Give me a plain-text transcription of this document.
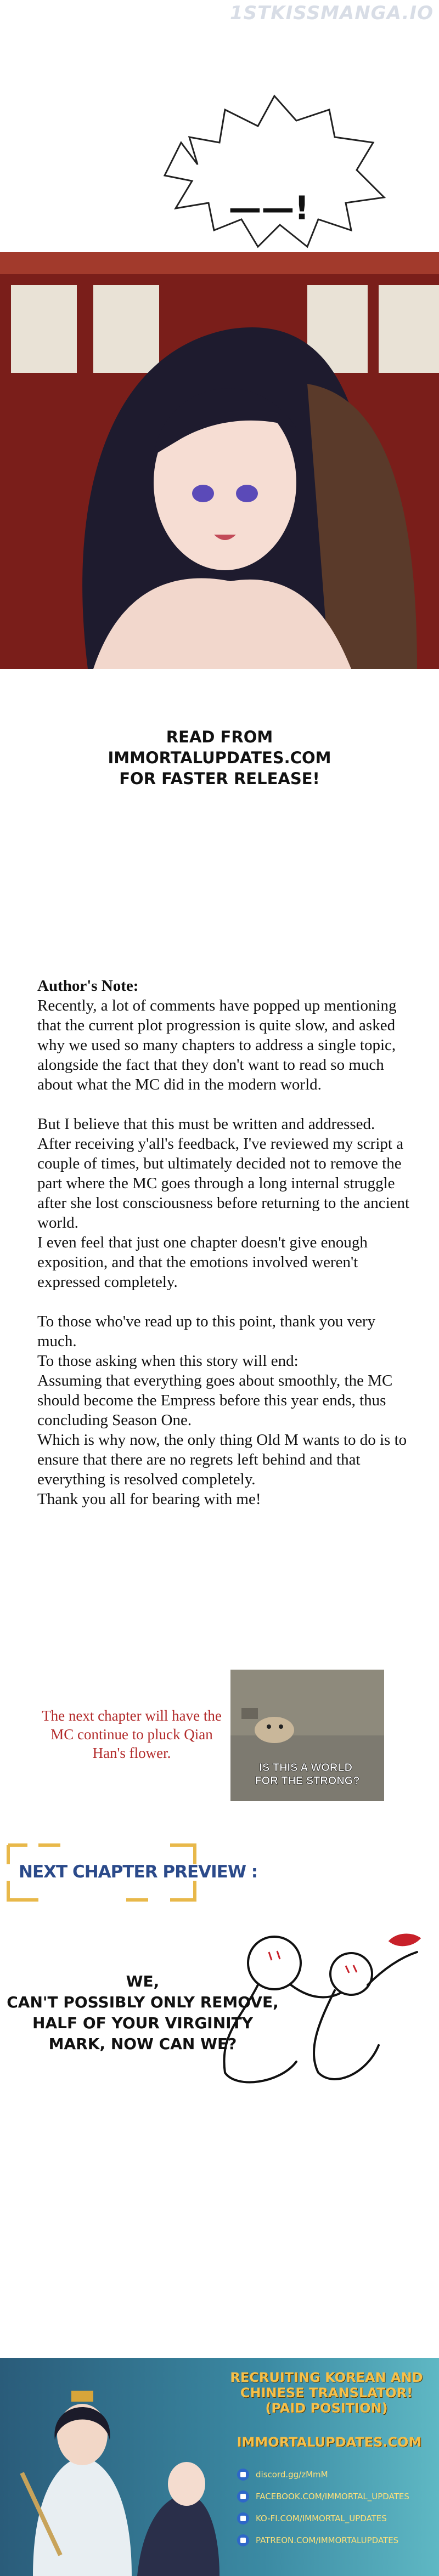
1STKISSMANGA.IO
——!
READ FROM
IMMORTALUPDATES.COM
FOR FASTER RELEASE!
Author's Note:

Recently, a lot of comments have popped up mentioning that the current plot progression is quite slow, and asked why we used so many chapters to address a single topic, alongside the fact that they don't want to read so much about what the MC did in the modern world.

But I believe that this must be written and addressed.
After receiving y'all's feedback, I've reviewed my script a couple of times, but ultimately decided not to remove the part where the MC goes through a long internal struggle after she lost consciousness before returning to the ancient world.
I even feel that just one chapter doesn't give enough exposition, and that the emotions involved weren't expressed completely.

To those who've read up to this point, thank you very much.
To those asking when this story will end:
Assuming that everything goes about smoothly, the MC should become the Empress before this year ends, thus concluding Season One.
Which is why now, the only thing Old M wants to do is to ensure that there are no regrets left behind and that everything is resolved completely.
Thank you all for bearing with me!

The next chapter will have the MC continue to pluck Qian Han's flower.
IS THIS A WORLD FOR THE STRONG?
NEXT CHAPTER PREVIEW :
WE,
CAN'T POSSIBLY ONLY REMOVE,
HALF OF YOUR VIRGINITY
MARK, NOW CAN WE?
RECRUITING KOREAN AND CHINESE TRANSLATOR! (PAID POSITION)
IMMORTALUPDATES.COM
discord.gg/zMmM
FACEBOOK.COM/IMMORTAL_UPDATES
KO-FI.COM/IMMORTAL_UPDATES
PATREON.COM/IMMORTALUPDATES
